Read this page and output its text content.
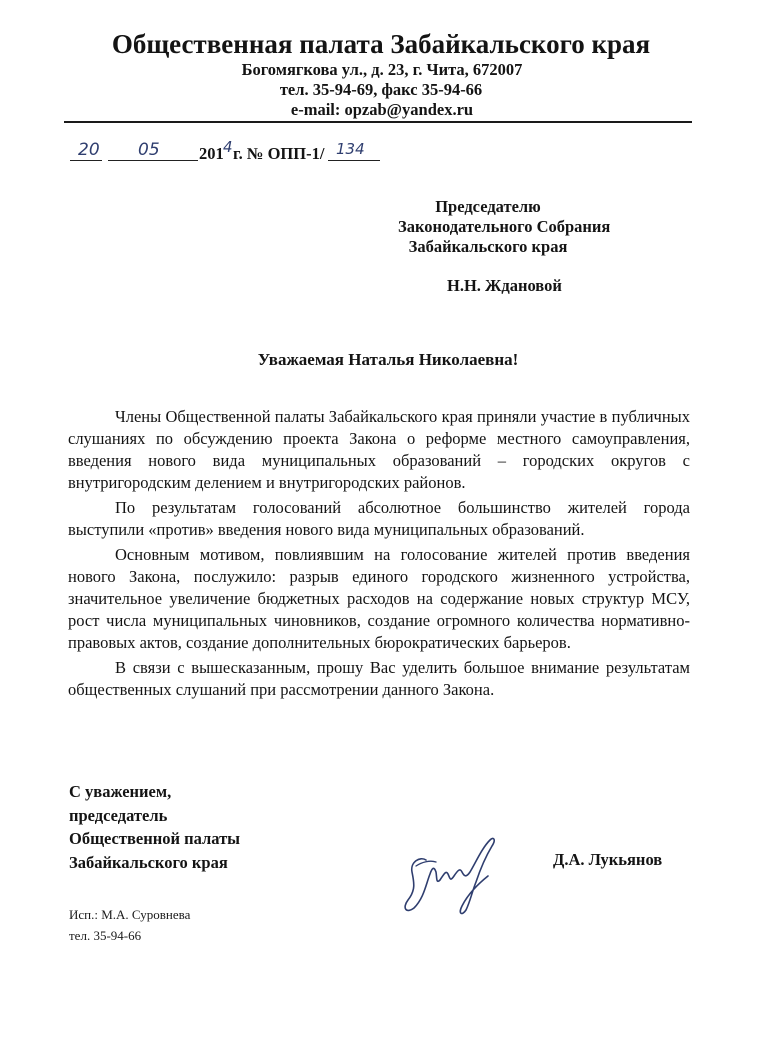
Общественная палата Забайкальского края
Богомягкова ул., д. 23, г. Чита, 672007
тел. 35-94-69, факс 35-94-66
e-mail: opzab@yandex.ru
20 05 201 4 г. № ОПП-1/ 134
Председателю
Законодательного Собрания
Забайкальского края
Н.Н. Ждановой
Уважаемая Наталья Николаевна!

Члены Общественной палаты Забайкальского края приняли участие в публичных слушаниях по обсуждению проекта Закона о реформе местного самоуправления, введения нового вида муниципальных образований – городских округов с внутригородским делением и внутригородских районов.

По результатам голосований абсолютное большинство жителей города выступили «против» введения нового вида муниципальных образований.

Основным мотивом, повлиявшим на голосование жителей против введения нового Закона, послужило: разрыв единого городского жизненного устройства, значительное увеличение бюджетных расходов на содержание новых структур МСУ, рост числа муниципальных чиновников, создание огромного количества нормативно-правовых актов, создание дополнительных бюрократических барьеров.

В связи с вышесказанным, прошу Вас уделить большое внимание результатам общественных слушаний при рассмотрении данного Закона.

С уважением,
председатель
Общественной палаты
Забайкальского края	Д.А. Лукьянов
Исп.: М.А. Суровнева
тел. 35-94-66
